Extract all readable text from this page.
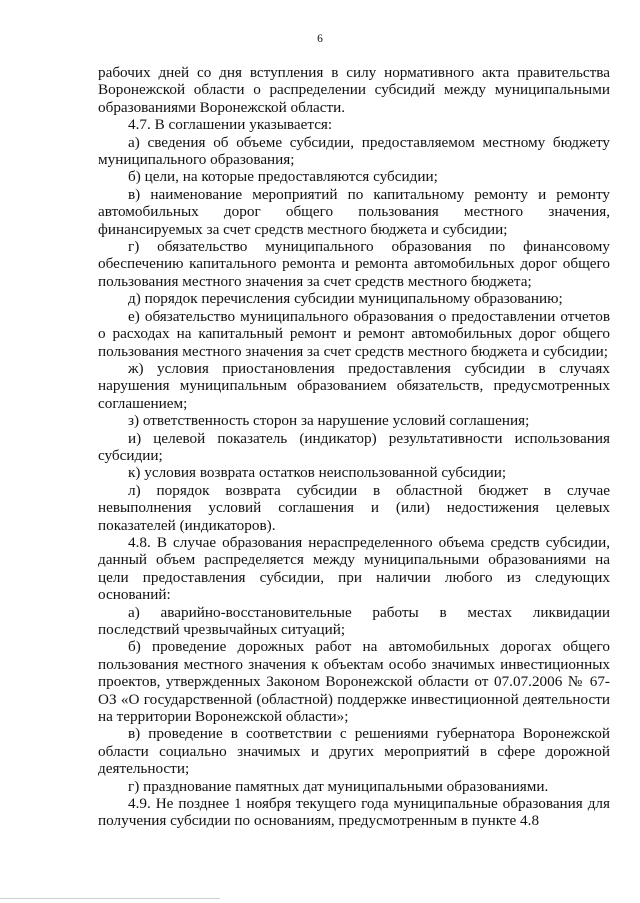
6

рабочих дней со дня вступления в силу нормативного акта правительства Воронежской области о распределении субсидий между муниципальными образованиями Воронежской области.

4.7. В соглашении указывается:

а) сведения об объеме субсидии, предоставляемом местному бюджету муниципального образования;

б) цели, на которые предоставляются субсидии;

в) наименование мероприятий по капитальному ремонту и ремонту автомобильных дорог общего пользования местного значения, финансируемых за счет средств местного бюджета и субсидии;

г) обязательство муниципального образования по финансовому обеспечению капитального ремонта и ремонта автомобильных дорог общего пользования местного значения за счет средств местного бюджета;

д) порядок перечисления субсидии муниципальному образованию;

е) обязательство муниципального образования о предоставлении отчетов о расходах на капитальный ремонт и ремонт автомобильных дорог общего пользования местного значения за счет средств местного бюджета и субсидии;

ж) условия приостановления предоставления субсидии в случаях нарушения муниципальным образованием обязательств, предусмотренных соглашением;

з) ответственность сторон за нарушение условий соглашения;

и) целевой показатель (индикатор) результативности использования субсидии;

к) условия возврата остатков неиспользованной субсидии;

л) порядок возврата субсидии в областной бюджет в случае невыполнения условий соглашения и (или) недостижения целевых показателей (индикаторов).

4.8. В случае образования нераспределенного объема средств субсидии, данный объем распределяется между муниципальными образованиями на цели предоставления субсидии, при наличии любого из следующих оснований:

а) аварийно-восстановительные работы в местах ликвидации последствий чрезвычайных ситуаций;

б) проведение дорожных работ на автомобильных дорогах общего пользования местного значения к объектам особо значимых инвестиционных проектов, утвержденных Законом Воронежской области от 07.07.2006 № 67-ОЗ «О государственной (областной) поддержке инвестиционной деятельности на территории Воронежской области»;

в) проведение в соответствии с решениями губернатора Воронежской области социально значимых и других мероприятий в сфере дорожной деятельности;

г) празднование памятных дат муниципальными образованиями.

4.9. Не позднее 1 ноября текущего года муниципальные образования для получения субсидии по основаниям, предусмотренным в пункте 4.8
